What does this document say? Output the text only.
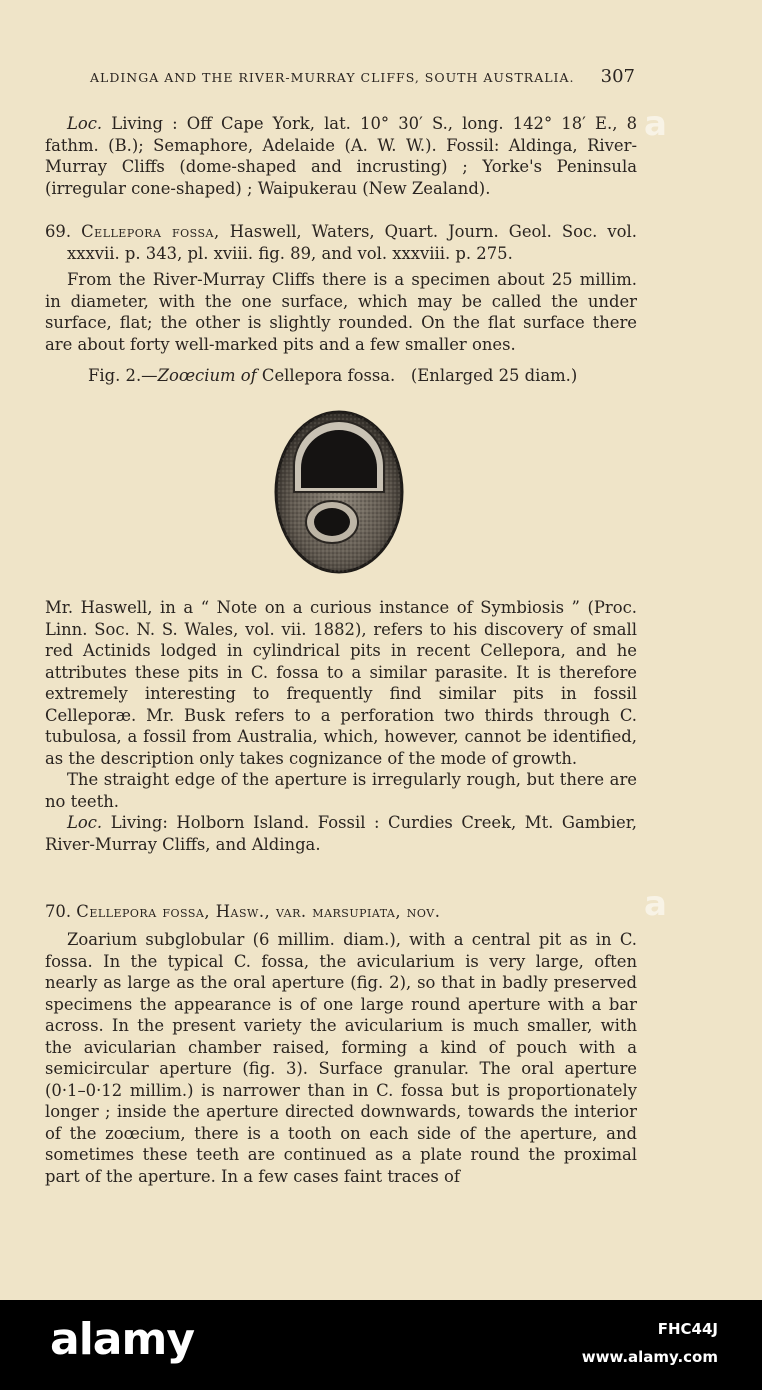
ALDINGA AND THE RIVER-MURRAY CLIFFS, SOUTH AUSTRALIA. 307

Loc. Living : Off Cape York, lat. 10° 30′ S., long. 142° 18′ E., 8 fathm. (B.); Semaphore, Adelaide (A. W. W.). Fossil: Aldinga, River-Murray Cliffs (dome-shaped and incrusting) ; Yorke's Peninsula (irregular cone-shaped) ; Waipukerau (New Zealand).

69. Cellepora fossa, Haswell, Waters, Quart. Journ. Geol. Soc. vol. xxxvii. p. 343, pl. xviii. fig. 89, and vol. xxxviii. p. 275.

From the River-Murray Cliffs there is a specimen about 25 millim. in diameter, with the one surface, which may be called the under surface, flat; the other is slightly rounded. On the flat surface there are about forty well-marked pits and a few smaller ones.

Fig. 2.—Zoœcium of Cellepora fossa. (Enlarged 25 diam.)

Mr. Haswell, in a “ Note on a curious instance of Symbiosis ” (Proc. Linn. Soc. N. S. Wales, vol. vii. 1882), refers to his discovery of small red Actinids lodged in cylindrical pits in recent Cellepora, and he attributes these pits in C. fossa to a similar parasite. It is therefore extremely interesting to frequently find similar pits in fossil Celleporæ. Mr. Busk refers to a perforation two thirds through C. tubulosa, a fossil from Australia, which, however, cannot be identified, as the description only takes cognizance of the mode of growth.

The straight edge of the aperture is irregularly rough, but there are no teeth.

Loc. Living: Holborn Island. Fossil : Curdies Creek, Mt. Gambier, River-Murray Cliffs, and Aldinga.

70. Cellepora fossa, Hasw., var. marsupiata, nov.

Zoarium subglobular (6 millim. diam.), with a central pit as in C. fossa. In the typical C. fossa, the avicularium is very large, often nearly as large as the oral aperture (fig. 2), so that in badly preserved specimens the appearance is of one large round aperture with a bar across. In the present variety the avicularium is much smaller, with the avicularian chamber raised, forming a kind of pouch with a semicircular aperture (fig. 3). Surface granular. The oral aperture (0·1–0·12 millim.) is narrower than in C. fossa but is proportionately longer ; inside the aperture directed downwards, towards the interior of the zoœcium, there is a tooth on each side of the aperture, and sometimes these teeth are continued as a plate round the proximal part of the aperture. In a few cases faint traces of

a
a
alamy	FHC44J
www.alamy.com
